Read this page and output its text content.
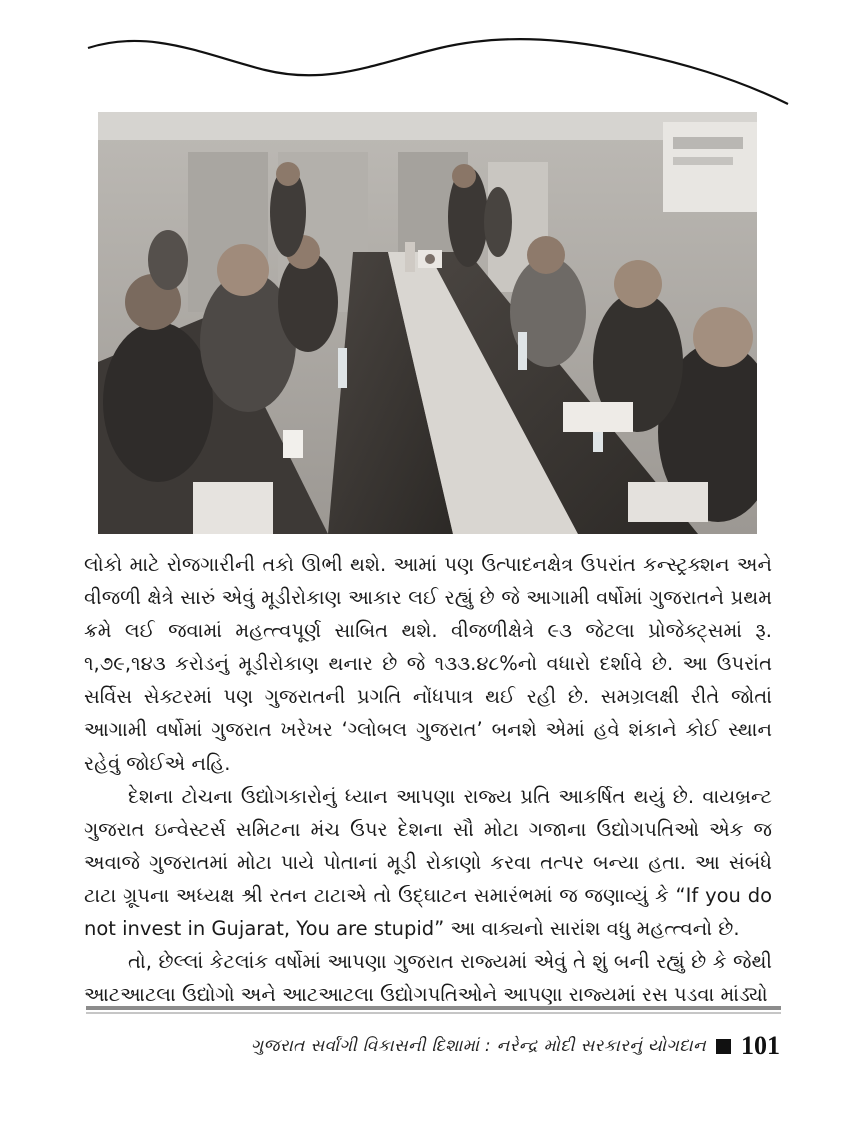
લોકો માટે રોજગારીની તકો ઊભી થશે. આમાં પણ ઉત્પાદનક્ષેત્ર ઉપરાંત કન્સ્ટ્રક્શન અને વીજળી ક્ષેત્રે સારું એવું મૂડીરોકાણ આકાર લઈ રહ્યું છે જે આગામી વર્ષોમાં ગુજરાતને પ્રથમ ક્રમે લઈ જવામાં મહત્ત્વપૂર્ણ સાબિત થશે. વીજળીક્ષેત્રે ૯૩ જેટલા પ્રોજેક્ટ્સમાં રૂ. ૧,૭૯,૧૪૩ કરોડનું મૂડીરોકાણ થનાર છે જે ૧૩૩.૪૮%નો વધારો દર્શાવે છે. આ ઉપરાંત સર્વિસ સેક્ટરમાં પણ ગુજરાતની પ્રગતિ નોંધપાત્ર થઈ રહી છે. સમગ્રલક્ષી રીતે જોતાં આગામી વર્ષોમાં ગુજરાત ખરેખર ‘ગ્લોબલ ગુજરાત’ બનશે એમાં હવે શંકાને કોઈ સ્થાન રહેવું જોઈએ નહિ.

દેશના ટોચના ઉદ્યોગકારોનું ધ્યાન આપણા રાજ્ય પ્રતિ આકર્ષિત થયું છે. વાયબ્રન્ટ ગુજરાત ઇન્વેસ્ટર્સ સમિટના મંચ ઉપર દેશના સૌ મોટા ગજાના ઉદ્યોગપતિઓ એક જ અવાજે ગુજરાતમાં મોટા પાયે પોતાનાં મૂડી રોકાણો કરવા તત્પર બન્યા હતા. આ સંબંધે ટાટા ગ્રૂપના અધ્યક્ષ શ્રી રતન ટાટાએ તો ઉદ્‌ઘાટન સમારંભમાં જ જણાવ્યું કે “If you do not invest in Gujarat, You are stupid” આ વાક્યનો સારાંશ વધુ મહત્ત્વનો છે.

તો, છેલ્લાં કેટલાંક વર્ષોમાં આપણા ગુજરાત રાજ્યમાં એવું તે શું બની રહ્યું છે કે જેથી આટઆટલા ઉદ્યોગો અને આટઆટલા ઉદ્યોગપતિઓને આપણા રાજ્યમાં રસ પડવા માંડ્યો

ગુજરાત સર્વાંગી વિકાસની દિશામાં : નરેન્દ્ર મોદી સરકારનું યોગદાન 101
